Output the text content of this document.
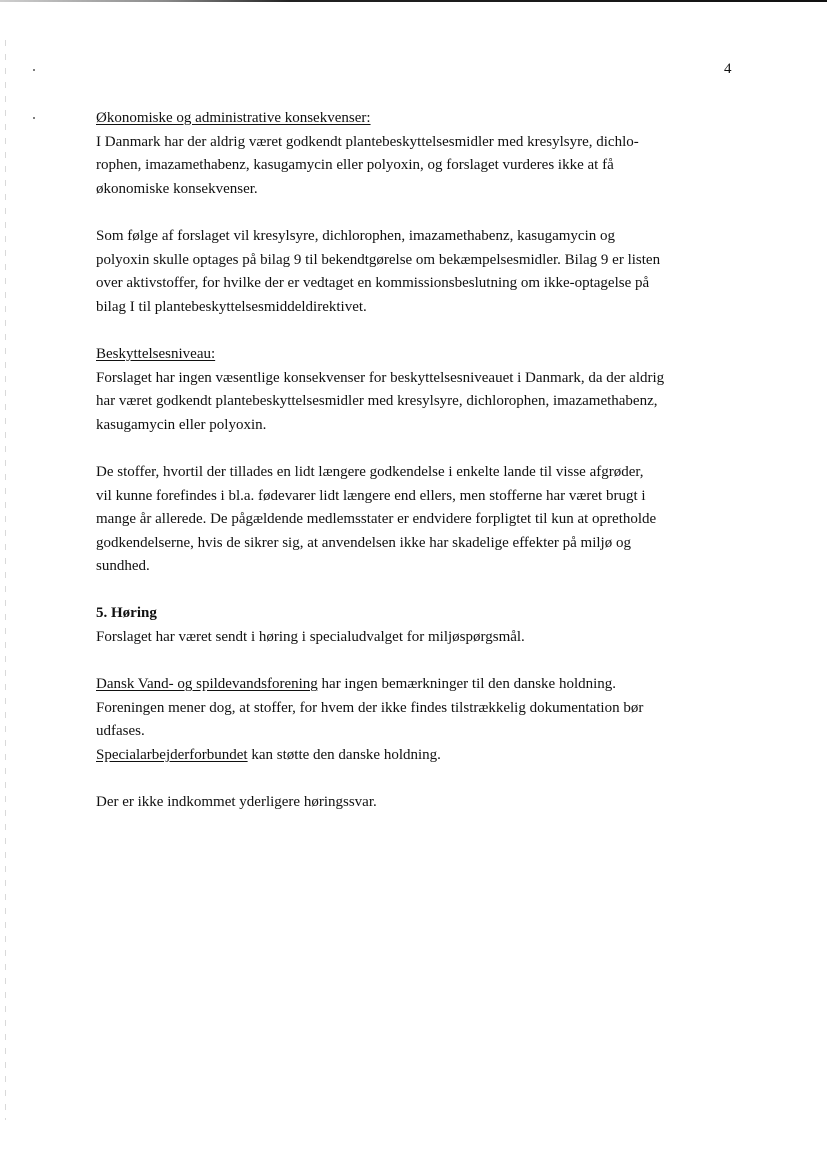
4
Økonomiske og administrative konsekvenser:
I Danmark har der aldrig været godkendt plantebeskyttelsesmidler med kresylsyre, dichlo-
rophen, imazamethabenz, kasugamycin eller polyoxin, og forslaget vurderes ikke at få
økonomiske konsekvenser.
Som følge af forslaget vil kresylsyre, dichlorophen, imazamethabenz, kasugamycin og
polyoxin skulle optages på bilag 9 til bekendtgørelse om bekæmpelsesmidler. Bilag 9 er listen
over aktivstoffer, for hvilke der er vedtaget en kommissionsbeslutning om ikke-optagelse på
bilag I til plantebeskyttelsesmiddeldirektivet.
Beskyttelsesniveau:
Forslaget har ingen væsentlige konsekvenser for beskyttelsesniveauet i Danmark, da der aldrig
har været godkendt plantebeskyttelsesmidler med kresylsyre, dichlorophen, imazamethabenz,
kasugamycin eller polyoxin.
De stoffer, hvortil der tillades en lidt længere godkendelse i enkelte lande til visse afgrøder,
vil kunne forefindes i bl.a. fødevarer lidt længere end ellers, men stofferne har været brugt i
mange år allerede. De pågældende medlemsstater er endvidere forpligtet til kun at opretholde
godkendelserne, hvis de sikrer sig, at anvendelsen ikke har skadelige effekter på miljø og
sundhed.
5. Høring
Forslaget har været sendt i høring i specialudvalget for miljøspørgsmål.
Dansk Vand- og spildevandsforening har ingen bemærkninger til den danske holdning.
Foreningen mener dog, at stoffer, for hvem der ikke findes tilstrækkelig dokumentation bør
udfases.
Specialarbejderforbundet kan støtte den danske holdning.
Der er ikke indkommet yderligere høringssvar.
